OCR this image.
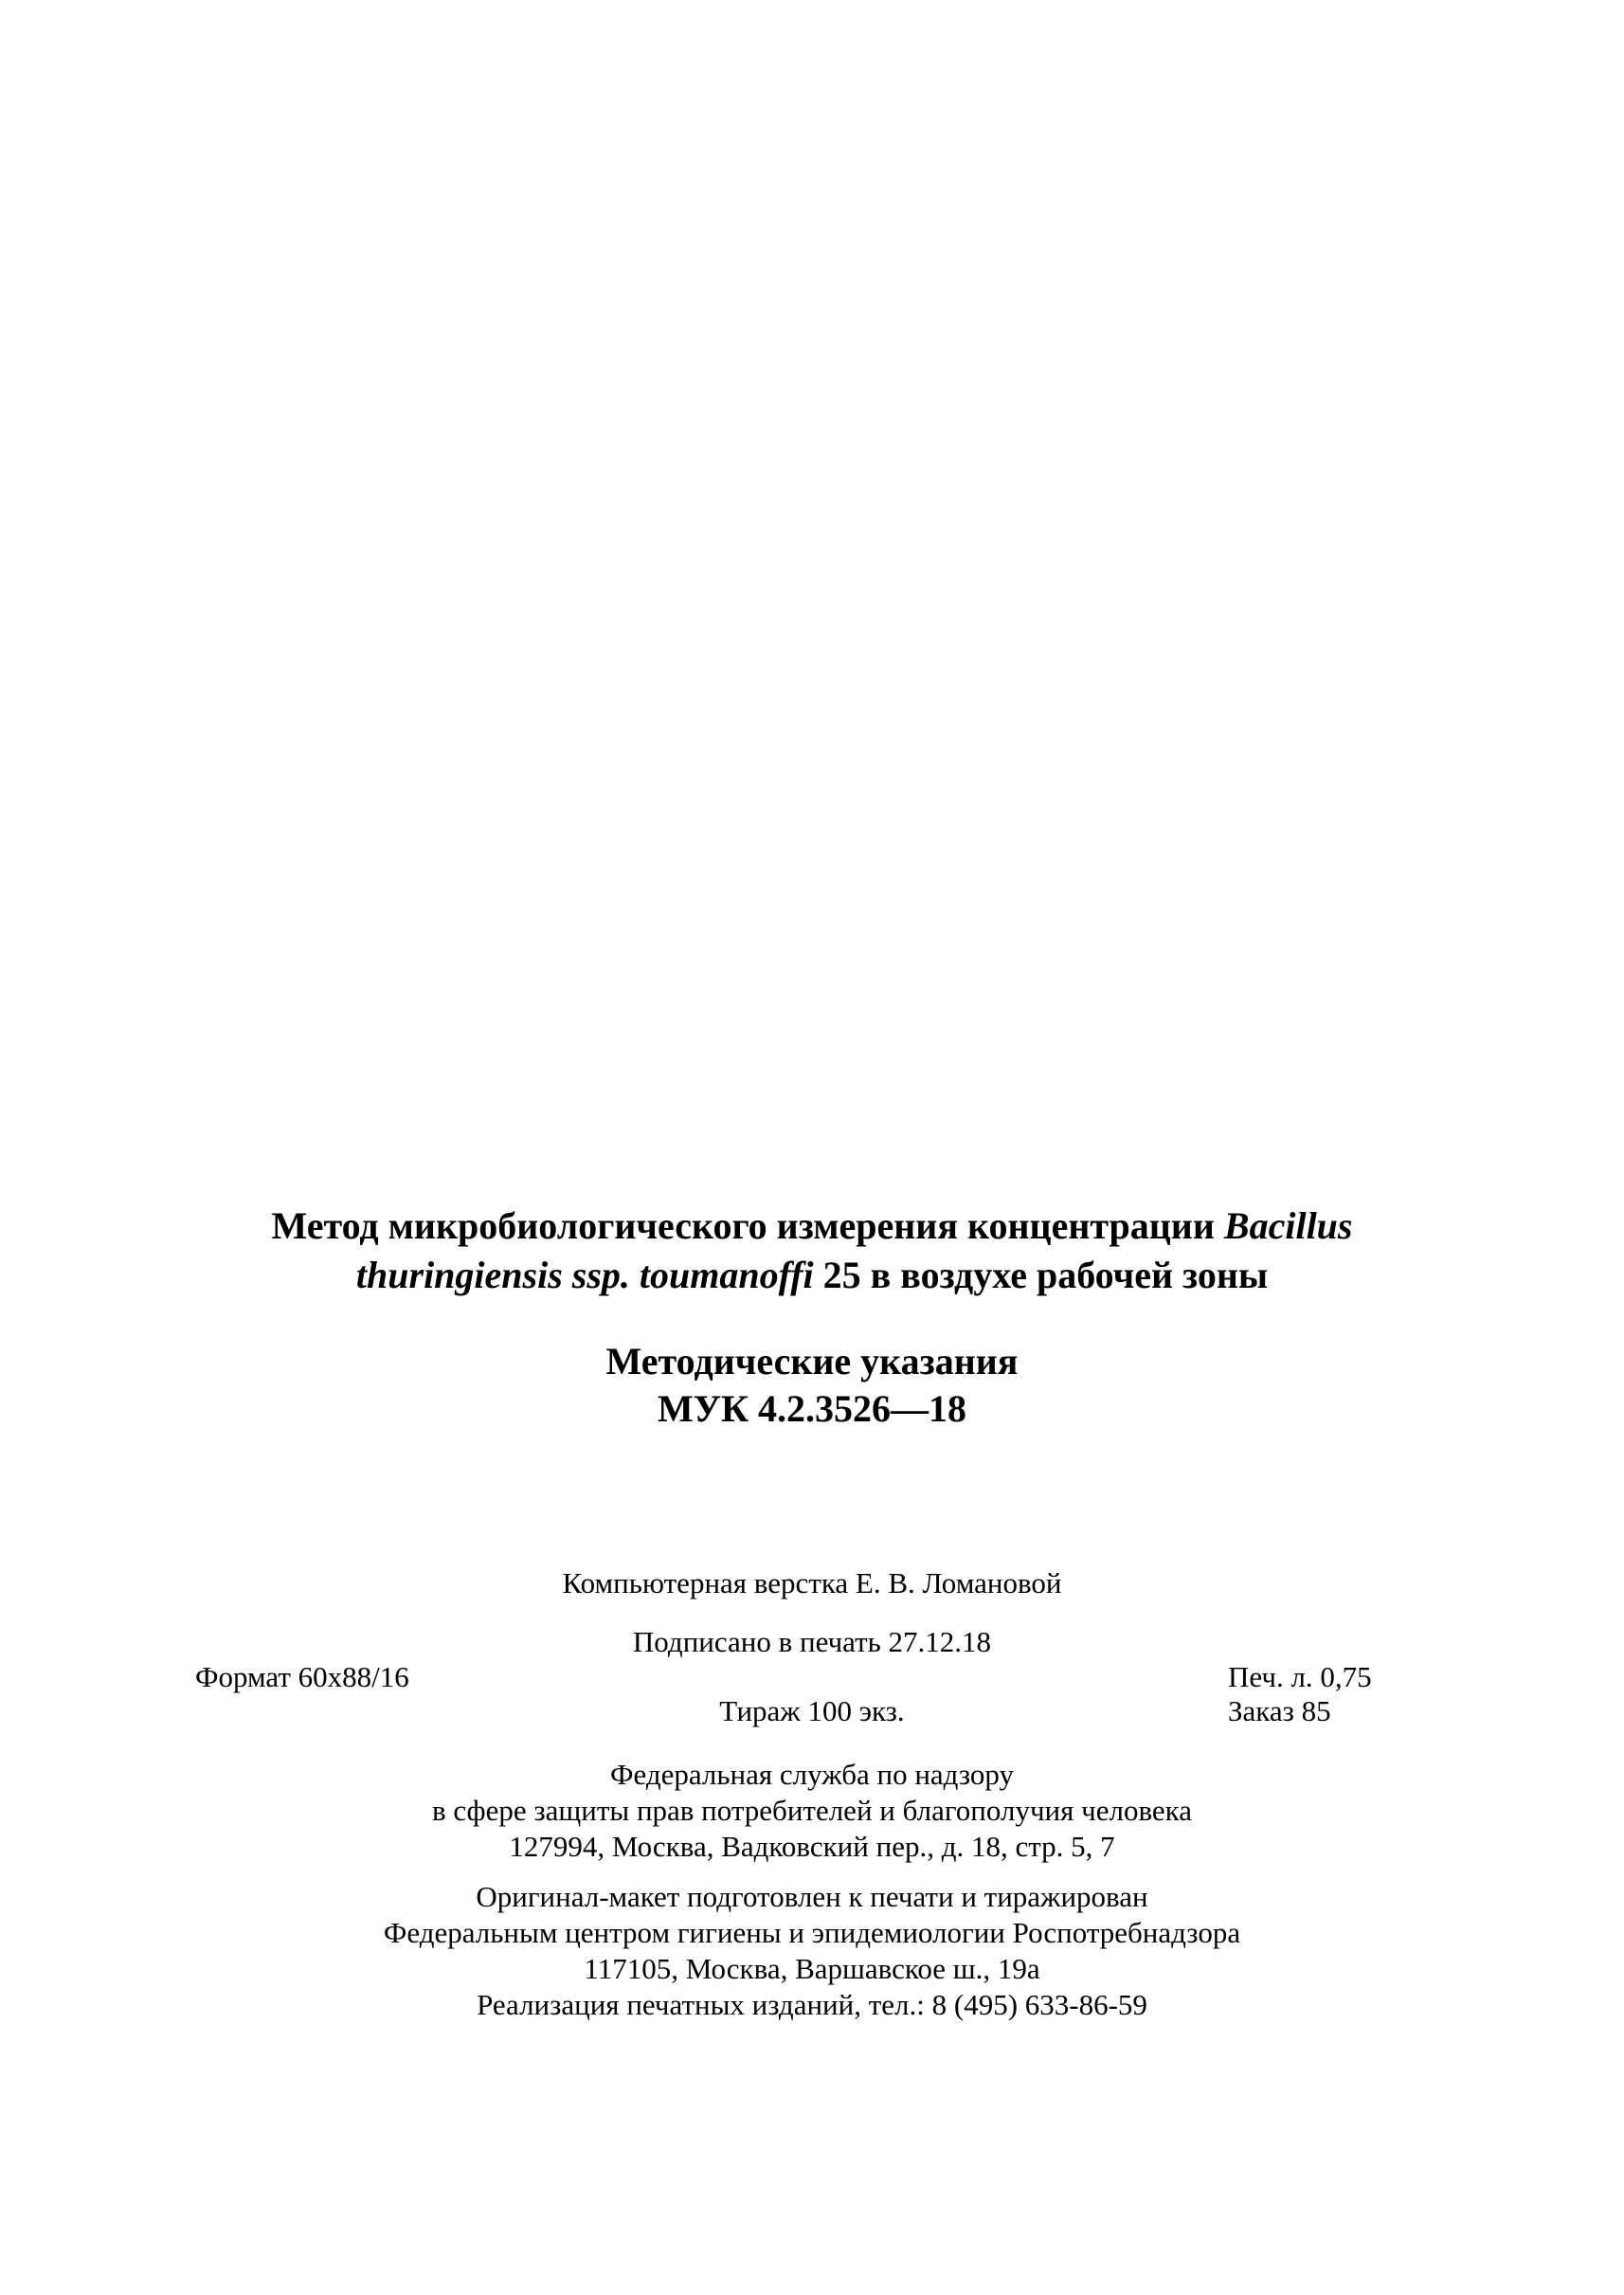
Метод микробиологического измерения концентрации Bacillus
thuringiensis ssp. toumanoffi 25 в воздухе рабочей зоны
Методические указания
МУК 4.2.3526—18
Компьютерная верстка Е. В. Ломановой
Подписано в печать 27.12.18
Формат 60х88/16	Печ. л. 0,75
Тираж 100 экз.	Заказ 85
Федеральная служба по надзору
в сфере защиты прав потребителей и благополучия человека
127994, Москва, Вадковский пер., д. 18, стр. 5, 7
Оригинал-макет подготовлен к печати и тиражирован
Федеральным центром гигиены и эпидемиологии Роспотребнадзора
117105, Москва, Варшавское ш., 19а
Реализация печатных изданий, тел.: 8 (495) 633-86-59
